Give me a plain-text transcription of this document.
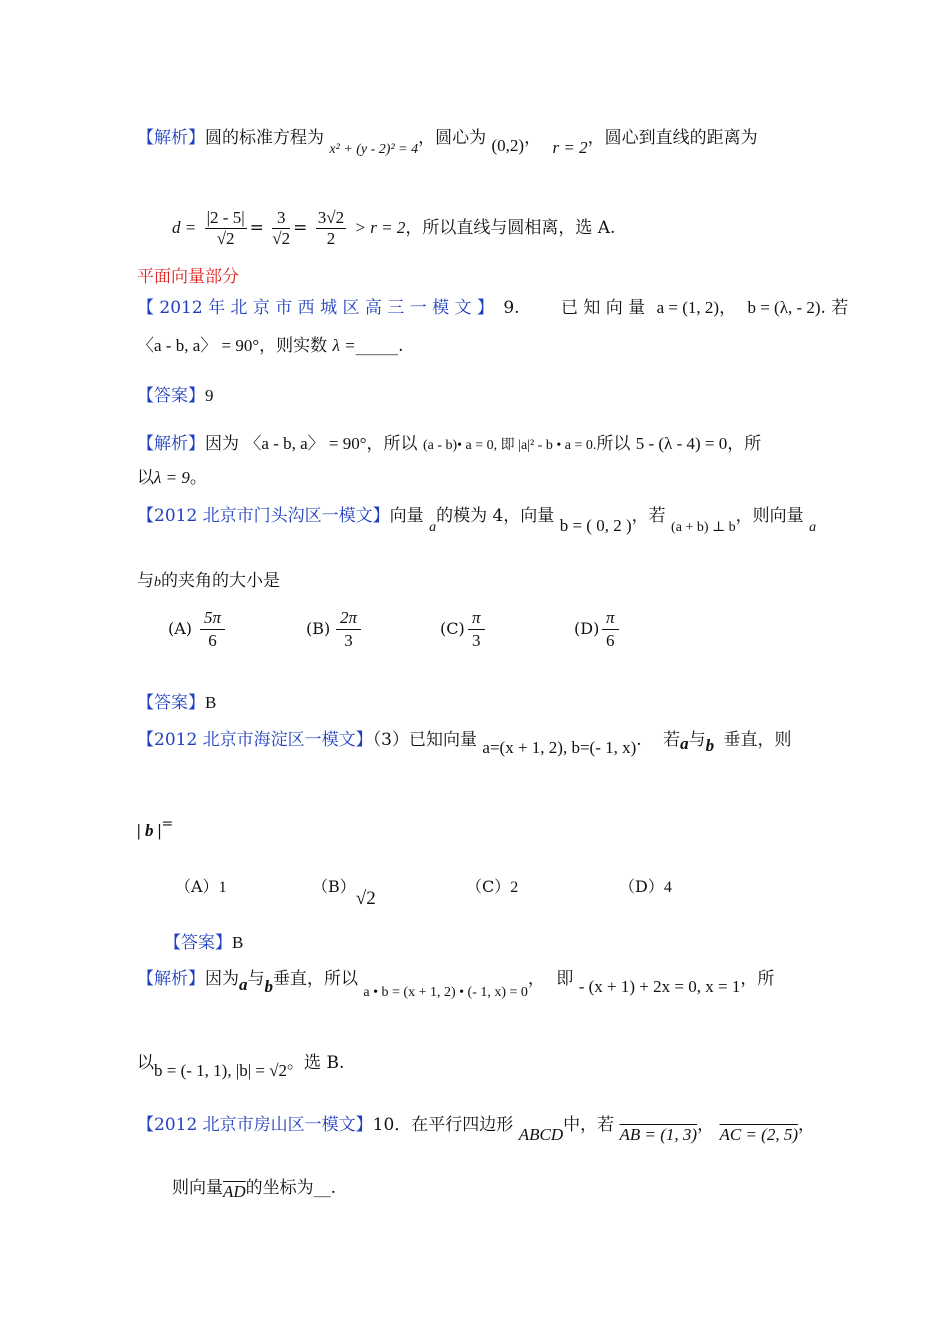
【解析】圆的标准方程为 $_{x^2 + (y - 2)^2 = 4}$，圆心为 (0,2)， r = 2，圆心到直线的距离为
$d = \frac{|2 - 5|}{√2} = \frac{3}{√2} = \frac{3√2}{2} > r = 2$，所以直线与圆相离，选 A.
平面向量部分
【 2012 年 北 京 市 西 城 区 高 三 一 模 文 】 9. 已 知 向 量 a = (1, 2)， b = (λ, - 2). 若
〈a - b, a〉 = 90°，则实数 λ =_____.
【答案】9
【解析】因为 〈a - b, a〉 = 90°，所以 (a - b)• a = 0, 即 |a|² - b • a = 0.所以 5 - (λ - 4) = 0，所
以λ = 9。
【2012 北京市门头沟区一模文】向量 $_a$的模为 4，向量 b = ( 0, 2 )，若 $_{(a + b) \perp b}$，则向量 $_a$
与b的夹角的大小是
$(A) \frac{5\pi}{6}$	$(B) \frac{2\pi}{3}$	$(C) \frac{\pi}{3}$	$(D) \frac{\pi}{6}$
【答案】B
【2012 北京市海淀区一模文】（3）已知向量 a=(x + 1, 2), b=(- 1, x). 若a与b 垂直，则
| b |=
（A）1	（B）√2
（C）2	（D）4
【答案】B
【解析】因为a与b垂直，所以 $_{a • b = (x + 1, 2) • (- 1, x) = 0}$， 即 - (x + 1) + 2x = 0, x = 1，所
以b = (- 1, 1), |b| = √2。选 B.
【2012 北京市房山区一模文】10．在平行四边形 ABCD中，若 AB = (1, 3)， AC = (2, 5)，
则向量$\overline{AD}$的坐标为__.
